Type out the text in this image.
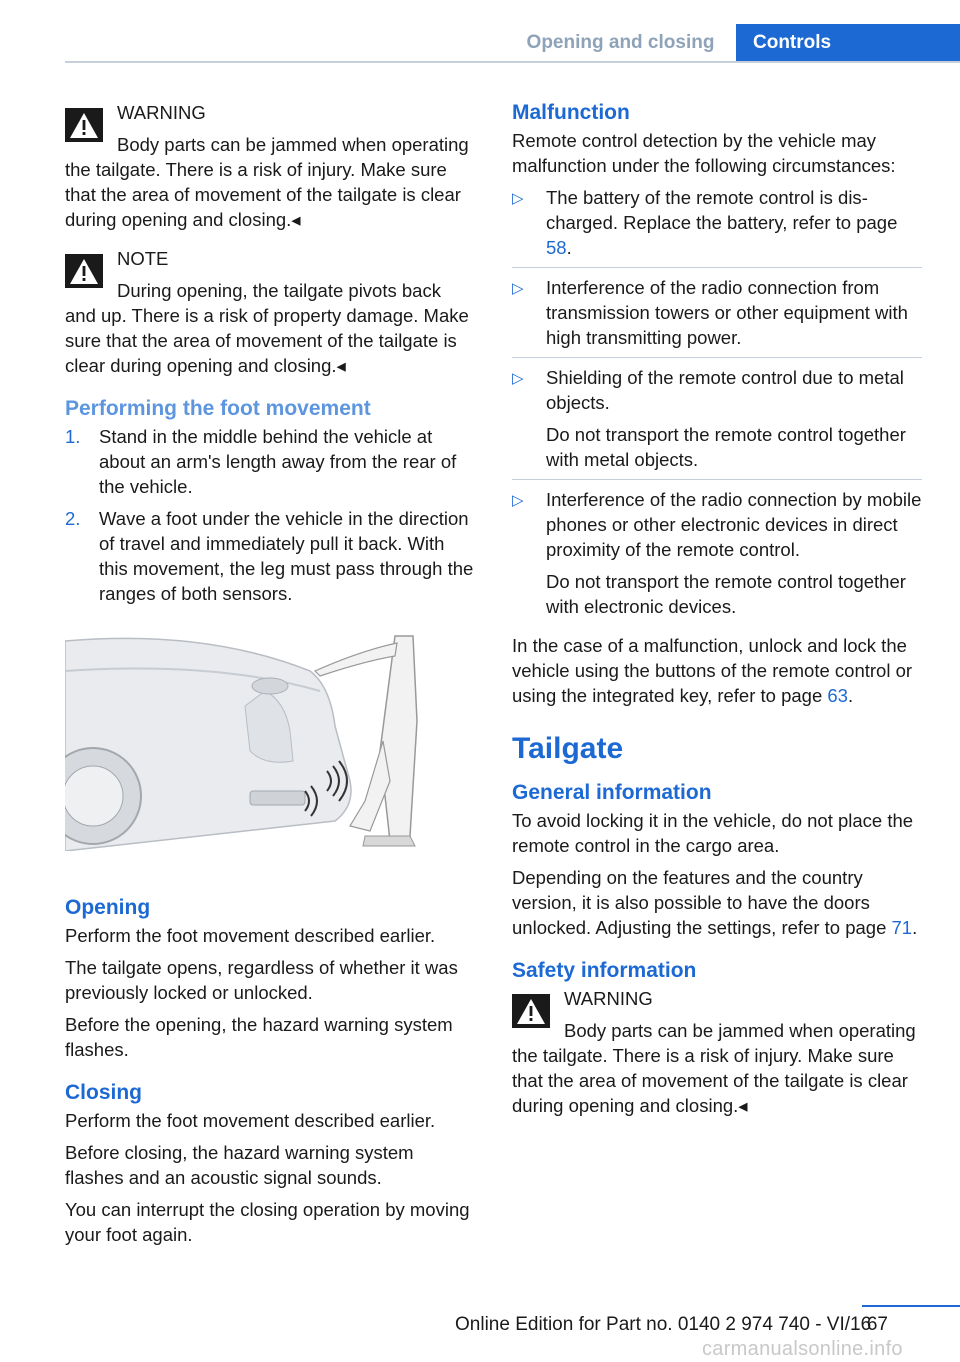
Opening and closing	Controls
WARNING
Body parts can be jammed when operating the tailgate. There is a risk of injury. Make sure that the area of movement of the tailgate is clear during opening and closing.◂
NOTE
During opening, the tailgate pivots back and up. There is a risk of property damage. Make sure that the area of movement of the tailgate is clear during opening and closing.◂
Performing the foot movement
1. Stand in the middle behind the vehicle at about an arm's length away from the rear of the vehicle.
2. Wave a foot under the vehicle in the direction of travel and immediately pull it back. With this movement, the leg must pass through the ranges of both sensors.
Opening

Perform the foot movement described earlier.

The tailgate opens, regardless of whether it was previously locked or unlocked.

Before the opening, the hazard warning system flashes.

Closing

Perform the foot movement described earlier.

Before closing, the hazard warning system flashes and an acoustic signal sounds.

You can interrupt the closing operation by moving your foot again.

Malfunction

Remote control detection by the vehicle may malfunction under the following circumstances:

▷ The battery of the remote control is discharged. Replace the battery, refer to page 58.
▷ Interference of the radio connection from transmission towers or other equipment with high transmitting power.
▷ Shielding of the remote control due to metal objects.
Do not transport the remote control together with metal objects.
▷ Interference of the radio connection by mobile phones or other electronic devices in direct proximity of the remote control.
Do not transport the remote control together with electronic devices.

In the case of a malfunction, unlock and lock the vehicle using the buttons of the remote control or using the integrated key, refer to page 63.

Tailgate
General information

To avoid locking it in the vehicle, do not place the remote control in the cargo area.

Depending on the features and the country version, it is also possible to have the doors unlocked. Adjusting the settings, refer to page 71.

Safety information
WARNING
Body parts can be jammed when operating the tailgate. There is a risk of injury. Make sure that the area of movement of the tailgate is clear during opening and closing.◂
Online Edition for Part no. 0140 2 974 740 - VI/16
67
carmanualsonline.info
